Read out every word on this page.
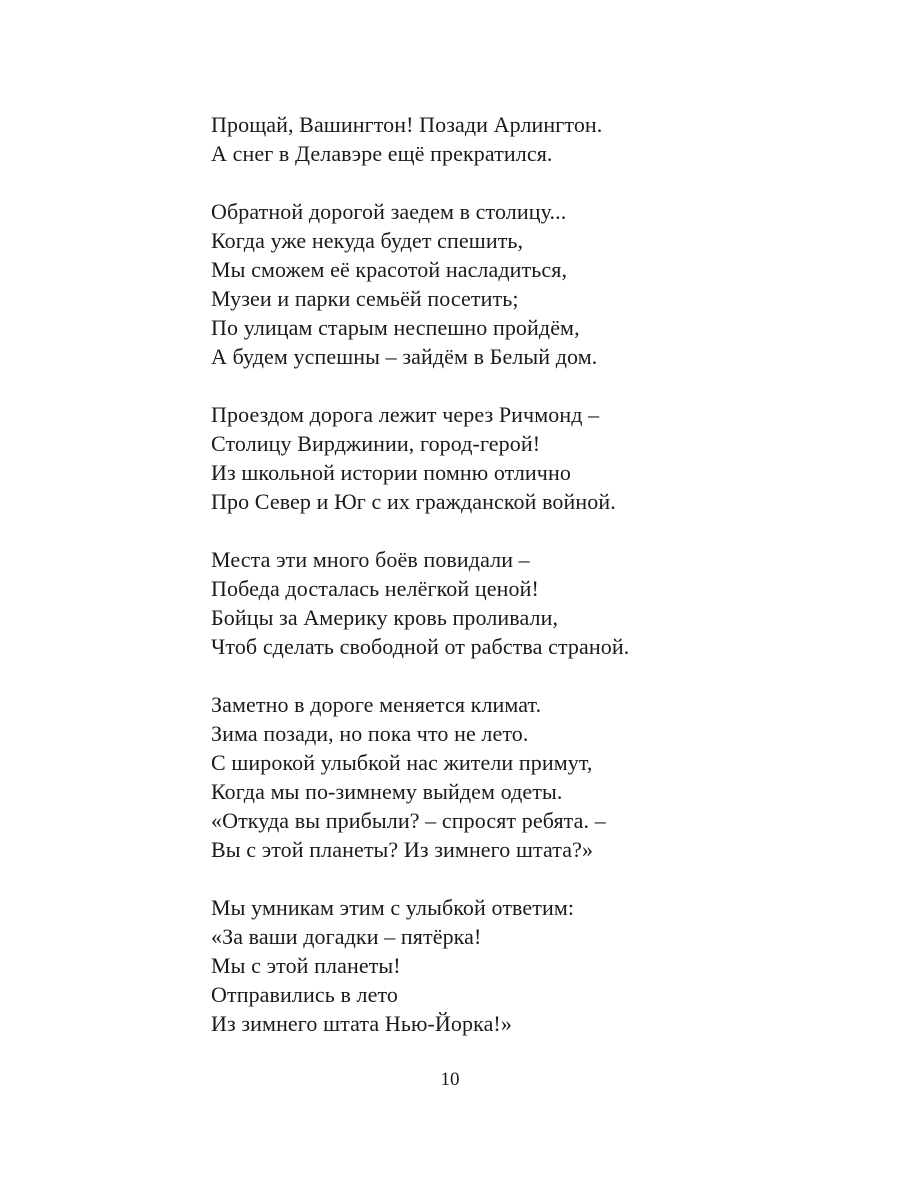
Прощай, Вашингтон! Позади Арлингтон.
А снег в Делавэре ещё прекратился.
Обратной дорогой заедем в столицу...
Когда уже некуда будет спешить,
Мы сможем её красотой насладиться,
Музеи и парки семьёй посетить;
По улицам старым неспешно пройдём,
А будем успешны – зайдём в Белый дом.
Проездом дорога лежит через Ричмонд –
Столицу Вирджинии, город-герой!
Из школьной истории помню отлично
Про Север и Юг с их гражданской войной.
Места эти много боёв повидали –
Победа досталась нелёгкой ценой!
Бойцы за Америку кровь проливали,
Чтоб сделать свободной от рабства страной.
Заметно в дороге меняется климат.
Зима позади, но пока что не лето.
С широкой улыбкой нас жители примут,
Когда мы по-зимнему выйдем одеты.
«Откуда вы прибыли? – спросят ребята. –
Вы с этой планеты? Из зимнего штата?»
Мы умникам этим с улыбкой ответим:
«За ваши догадки – пятёрка!
Мы с этой планеты!
Отправились в лето
Из зимнего штата Нью-Йорка!»
10
